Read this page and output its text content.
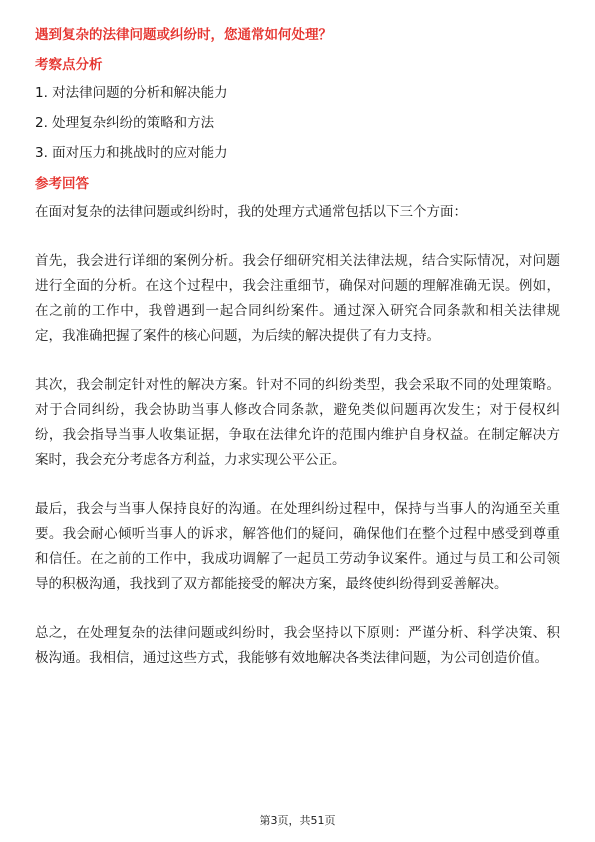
遇到复杂的法律问题或纠纷时，您通常如何处理？
考察点分析
1. 对法律问题的分析和解决能力
2. 处理复杂纠纷的策略和方法
3. 面对压力和挑战时的应对能力
参考回答

在面对复杂的法律问题或纠纷时，我的处理方式通常包括以下三个方面：

首先，我会进行详细的案例分析。我会仔细研究相关法律法规，结合实际情况，对问题进行全面的分析。在这个过程中，我会注重细节，确保对问题的理解准确无误。例如，在之前的工作中，我曾遇到一起合同纠纷案件。通过深入研究合同条款和相关法律规定，我准确把握了案件的核心问题，为后续的解决提供了有力支持。

其次，我会制定针对性的解决方案。针对不同的纠纷类型，我会采取不同的处理策略。对于合同纠纷，我会协助当事人修改合同条款，避免类似问题再次发生；对于侵权纠纷，我会指导当事人收集证据，争取在法律允许的范围内维护自身权益。在制定解决方案时，我会充分考虑各方利益，力求实现公平公正。

最后，我会与当事人保持良好的沟通。在处理纠纷过程中，保持与当事人的沟通至关重要。我会耐心倾听当事人的诉求，解答他们的疑问，确保他们在整个过程中感受到尊重和信任。在之前的工作中，我成功调解了一起员工劳动争议案件。通过与员工和公司领导的积极沟通，我找到了双方都能接受的解决方案，最终使纠纷得到妥善解决。

总之，在处理复杂的法律问题或纠纷时，我会坚持以下原则：严谨分析、科学决策、积极沟通。我相信，通过这些方式，我能够有效地解决各类法律问题，为公司创造价值。

第3页，共51页
